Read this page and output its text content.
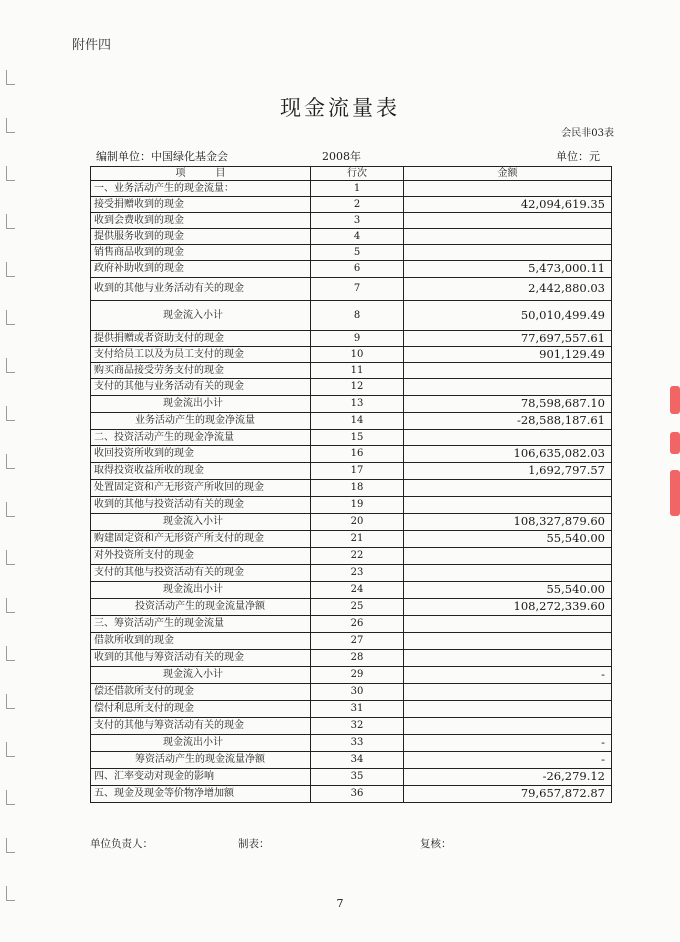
附件四
现金流量表
会民非03表
编制单位：中国绿化基金会	2008年	单位：元
项　　　目	行次	金额
一、业务活动产生的现金流量：	1	
接受捐赠收到的现金	2	42,094,619.35
收到会费收到的现金	3	
提供服务收到的现金	4	
销售商品收到的现金	5	
政府补助收到的现金	6	5,473,000.11
收到的其他与业务活动有关的现金	7	2,442,880.03
现金流入小计	8	50,010,499.49
提供捐赠或者资助支付的现金	9	77,697,557.61
支付给员工以及为员工支付的现金	10	901,129.49
购买商品接受劳务支付的现金	11	
支付的其他与业务活动有关的现金	12	
现金流出小计	13	78,598,687.10
业务活动产生的现金净流量	14	-28,588,187.61
二、投资活动产生的现金净流量	15	
收回投资所收到的现金	16	106,635,082.03
取得投资收益所收的现金	17	1,692,797.57
处置固定资和产无形资产所收回的现金	18	
收到的其他与投资活动有关的现金	19	
现金流入小计	20	108,327,879.60
购建固定资和产无形资产所支付的现金	21	55,540.00
对外投资所支付的现金	22	
支付的其他与投资活动有关的现金	23	
现金流出小计	24	55,540.00
投资活动产生的现金流量净额	25	108,272,339.60
三、筹资活动产生的现金流量	26	
借款所收到的现金	27	
收到的其他与筹资活动有关的现金	28	
现金流入小计	29	-
偿还借款所支付的现金	30	
偿付利息所支付的现金	31	
支付的其他与筹资活动有关的现金	32	
现金流出小计	33	-
筹资活动产生的现金流量净额	34	-
四、汇率变动对现金的影响	35	-26,279.12
五、现金及现金等价物净增加额	36	79,657,872.87
单位负责人：	制表：	复核：
7
